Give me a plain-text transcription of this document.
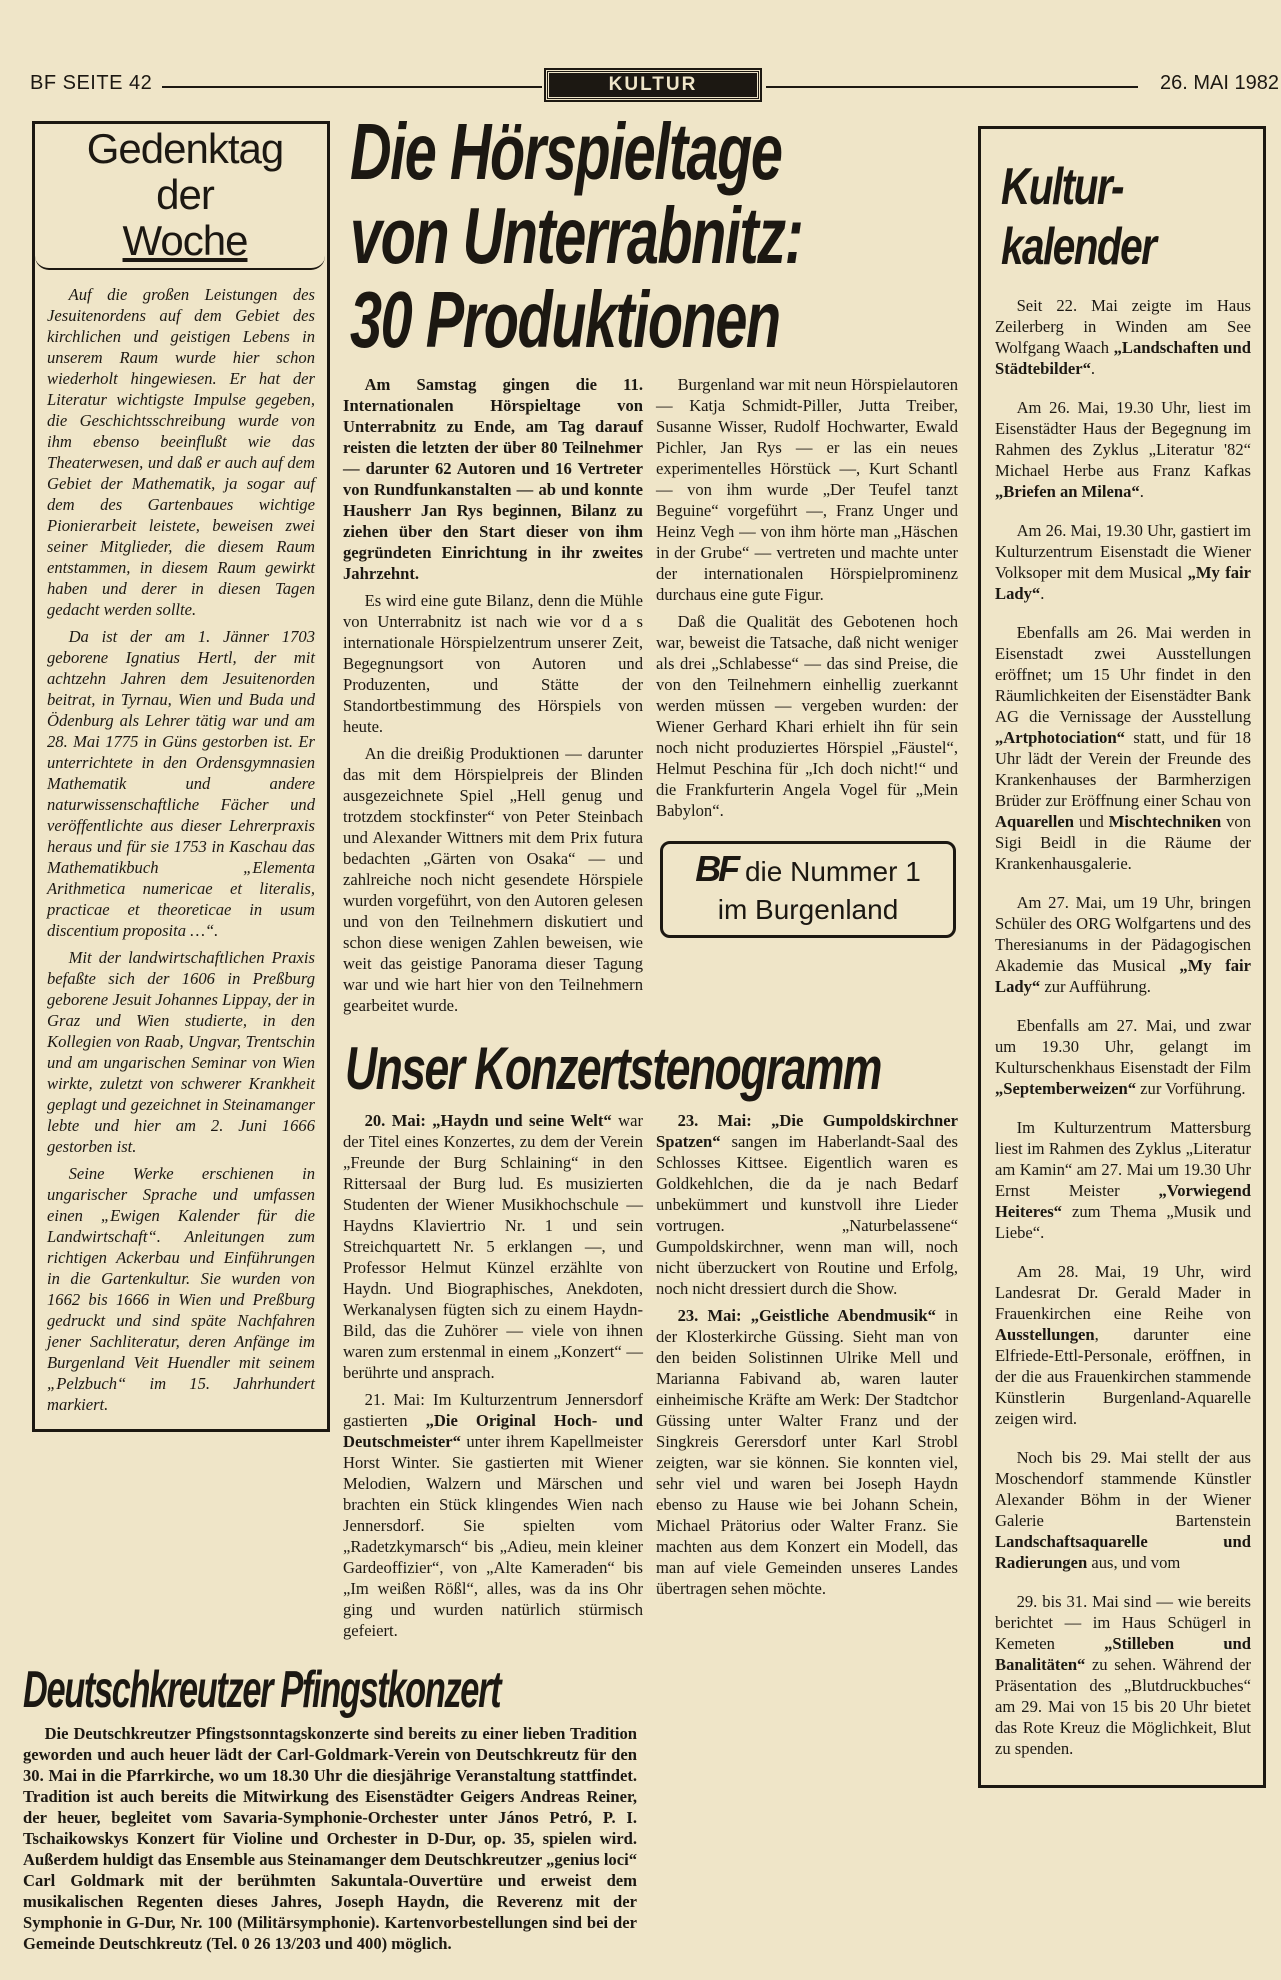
BF SEITE 42	KULTUR	26. MAI 1982
Gedenktag
der
Woche

Auf die großen Leistungen des Jesuitenordens auf dem Gebiet des kirchlichen und geistigen Lebens in unserem Raum wurde hier schon wiederholt hingewiesen. Er hat der Literatur wichtigste Impulse gegeben, die Geschichtsschreibung wurde von ihm ebenso beeinflußt wie das Theaterwesen, und daß er auch auf dem Gebiet der Mathematik, ja sogar auf dem des Gartenbaues wichtige Pionierarbeit leistete, beweisen zwei seiner Mitglieder, die diesem Raum entstammen, in diesem Raum gewirkt haben und derer in diesen Tagen gedacht werden sollte.

Da ist der am 1. Jänner 1703 geborene Ignatius Hertl, der mit achtzehn Jahren dem Jesuitenorden beitrat, in Tyrnau, Wien und Buda und Ödenburg als Lehrer tätig war und am 28. Mai 1775 in Güns gestorben ist. Er unterrichtete in den Ordensgymnasien Mathematik und andere naturwissenschaftliche Fächer und veröffentlichte aus dieser Lehrerpraxis heraus und für sie 1753 in Kaschau das Mathematikbuch „Elementa Arithmetica numericae et literalis, practicae et theoreticae in usum discentium proposita …“.

Mit der landwirtschaftlichen Praxis befaßte sich der 1606 in Preßburg geborene Jesuit Johannes Lippay, der in Graz und Wien studierte, in den Kollegien von Raab, Ungvar, Trentschin und am ungarischen Seminar von Wien wirkte, zuletzt von schwerer Krankheit geplagt und gezeichnet in Steinamanger lebte und hier am 2. Juni 1666 gestorben ist.

Seine Werke erschienen in ungarischer Sprache und umfassen einen „Ewigen Kalender für die Landwirtschaft“. Anleitungen zum richtigen Ackerbau und Einführungen in die Gartenkultur. Sie wurden von 1662 bis 1666 in Wien und Preßburg gedruckt und sind späte Nachfahren jener Sachliteratur, deren Anfänge im Burgenland Veit Huendler mit seinem „Pelzbuch“ im 15. Jahrhundert markiert.

Die Hörspieltage
von Unterrabnitz:
30 Produktionen

Am Samstag gingen die 11. Internationalen Hörspieltage von Unterrabnitz zu Ende, am Tag darauf reisten die letzten der über 80 Teilnehmer — darunter 62 Autoren und 16 Vertreter von Rundfunkanstalten — ab und konnte Hausherr Jan Rys beginnen, Bilanz zu ziehen über den Start dieser von ihm gegründeten Einrichtung in ihr zweites Jahrzehnt.

Es wird eine gute Bilanz, denn die Mühle von Unterrabnitz ist nach wie vor d a s internationale Hörspielzentrum unserer Zeit, Begegnungsort von Autoren und Produzenten, und Stätte der Standortbestimmung des Hörspiels von heute.

An die dreißig Produktionen — darunter das mit dem Hörspielpreis der Blinden ausgezeichnete Spiel „Hell genug und trotzdem stockfinster“ von Peter Steinbach und Alexander Wittners mit dem Prix futura bedachten „Gärten von Osaka“ — und zahlreiche noch nicht gesendete Hörspiele wurden vorgeführt, von den Autoren gelesen und von den Teilnehmern diskutiert und schon diese wenigen Zahlen beweisen, wie weit das geistige Panorama dieser Tagung war und wie hart hier von den Teilnehmern gearbeitet wurde.

Burgenland war mit neun Hörspielautoren — Katja Schmidt-Piller, Jutta Treiber, Susanne Wisser, Rudolf Hochwarter, Ewald Pichler, Jan Rys — er las ein neues experimentelles Hörstück —, Kurt Schantl — von ihm wurde „Der Teufel tanzt Beguine“ vorgeführt —, Franz Unger und Heinz Vegh — von ihm hörte man „Häschen in der Grube“ — vertreten und machte unter der internationalen Hörspielprominenz durchaus eine gute Figur.

Daß die Qualität des Gebotenen hoch war, beweist die Tatsache, daß nicht weniger als drei „Schlabesse“ — das sind Preise, die von den Teilnehmern einhellig zuerkannt werden müssen — vergeben wurden: der Wiener Gerhard Khari erhielt ihn für sein noch nicht produziertes Hörspiel „Fäustel“, Helmut Peschina für „Ich doch nicht!“ und die Frankfurterin Angela Vogel für „Mein Babylon“.

BF die Nummer 1
im Burgenland
Unser Konzertstenogramm

20. Mai: „Haydn und seine Welt“ war der Titel eines Konzertes, zu dem der Verein „Freunde der Burg Schlaining“ in den Rittersaal der Burg lud. Es musizierten Studenten der Wiener Musikhochschule — Haydns Klaviertrio Nr. 1 und sein Streichquartett Nr. 5 erklangen —, und Professor Helmut Künzel erzählte von Haydn. Und Biographisches, Anekdoten, Werkanalysen fügten sich zu einem Haydn-Bild, das die Zuhörer — viele von ihnen waren zum erstenmal in einem „Konzert“ — berührte und ansprach.

21. Mai: Im Kulturzentrum Jennersdorf gastierten „Die Original Hoch- und Deutschmeister“ unter ihrem Kapellmeister Horst Winter. Sie gastierten mit Wiener Melodien, Walzern und Märschen und brachten ein Stück klingendes Wien nach Jennersdorf. Sie spielten vom „Radetzkymarsch“ bis „Adieu, mein kleiner Gardeoffizier“, von „Alte Kameraden“ bis „Im weißen Rößl“, alles, was da ins Ohr ging und wurden natürlich stürmisch gefeiert.

23. Mai: „Die Gumpoldskirchner Spatzen“ sangen im Haberlandt-Saal des Schlosses Kittsee. Eigentlich waren es Goldkehlchen, die da je nach Bedarf unbekümmert und kunstvoll ihre Lieder vortrugen. „Naturbelassene“ Gumpoldskirchner, wenn man will, noch nicht überzuckert von Routine und Erfolg, noch nicht dressiert durch die Show.

23. Mai: „Geistliche Abendmusik“ in der Klosterkirche Güssing. Sieht man von den beiden Solistinnen Ulrike Mell und Marianna Fabivand ab, waren lauter einheimische Kräfte am Werk: Der Stadtchor Güssing unter Walter Franz und der Singkreis Gerersdorf unter Karl Strobl zeigten, war sie können. Sie konnten viel, sehr viel und waren bei Joseph Haydn ebenso zu Hause wie bei Johann Schein, Michael Prätorius oder Walter Franz. Sie machten aus dem Konzert ein Modell, das man auf viele Gemeinden unseres Landes übertragen sehen möchte.

Deutschkreutzer Pfingstkonzert

Die Deutschkreutzer Pfingstsonntagskonzerte sind bereits zu einer lieben Tradition geworden und auch heuer lädt der Carl-Goldmark-Verein von Deutschkreutz für den 30. Mai in die Pfarrkirche, wo um 18.30 Uhr die diesjährige Veranstaltung stattfindet. Tradition ist auch bereits die Mitwirkung des Eisenstädter Geigers Andreas Reiner, der heuer, begleitet vom Savaria-Symphonie-Orchester unter János Petró, P. I. Tschaikowskys Konzert für Violine und Orchester in D-Dur, op. 35, spielen wird. Außerdem huldigt das Ensemble aus Steinamanger dem Deutschkreutzer „genius loci“ Carl Goldmark mit der berühmten Sakuntala-Ouvertüre und erweist dem musikalischen Regenten dieses Jahres, Joseph Haydn, die Reverenz mit der Symphonie in G-Dur, Nr. 100 (Militärsymphonie). Kartenvorbestellungen sind bei der Gemeinde Deutschkreutz (Tel. 0 26 13/203 und 400) möglich.

Kultur-
kalender

Seit 22. Mai zeigte im Haus Zeilerberg in Winden am See Wolfgang Waach „Landschaften und Städtebilder“.

Am 26. Mai, 19.30 Uhr, liest im Eisenstädter Haus der Begegnung im Rahmen des Zyklus „Literatur '82“ Michael Herbe aus Franz Kafkas „Briefen an Milena“.

Am 26. Mai, 19.30 Uhr, gastiert im Kulturzentrum Eisenstadt die Wiener Volksoper mit dem Musical „My fair Lady“.

Ebenfalls am 26. Mai werden in Eisenstadt zwei Ausstellungen eröffnet; um 15 Uhr findet in den Räumlichkeiten der Eisenstädter Bank AG die Vernissage der Ausstellung „Artphotociation“ statt, und für 18 Uhr lädt der Verein der Freunde des Krankenhauses der Barmherzigen Brüder zur Eröffnung einer Schau von Aquarellen und Mischtechniken von Sigi Beidl in die Räume der Krankenhausgalerie.

Am 27. Mai, um 19 Uhr, bringen Schüler des ORG Wolfgartens und des Theresianums in der Pädagogischen Akademie das Musical „My fair Lady“ zur Aufführung.

Ebenfalls am 27. Mai, und zwar um 19.30 Uhr, gelangt im Kulturschenkhaus Eisenstadt der Film „Septemberweizen“ zur Vorführung.

Im Kulturzentrum Mattersburg liest im Rahmen des Zyklus „Literatur am Kamin“ am 27. Mai um 19.30 Uhr Ernst Meister „Vorwiegend Heiteres“ zum Thema „Musik und Liebe“.

Am 28. Mai, 19 Uhr, wird Landesrat Dr. Gerald Mader in Frauenkirchen eine Reihe von Ausstellungen, darunter eine Elfriede-Ettl-Personale, eröffnen, in der die aus Frauenkirchen stammende Künstlerin Burgenland-Aquarelle zeigen wird.

Noch bis 29. Mai stellt der aus Moschendorf stammende Künstler Alexander Böhm in der Wiener Galerie Bartenstein Landschaftsaquarelle und Radierungen aus, und vom

29. bis 31. Mai sind — wie bereits berichtet — im Haus Schügerl in Kemeten „Stilleben und Banalitäten“ zu sehen. Während der Präsentation des „Blutdruckbuches“ am 29. Mai von 15 bis 20 Uhr bietet das Rote Kreuz die Möglichkeit, Blut zu spenden.
